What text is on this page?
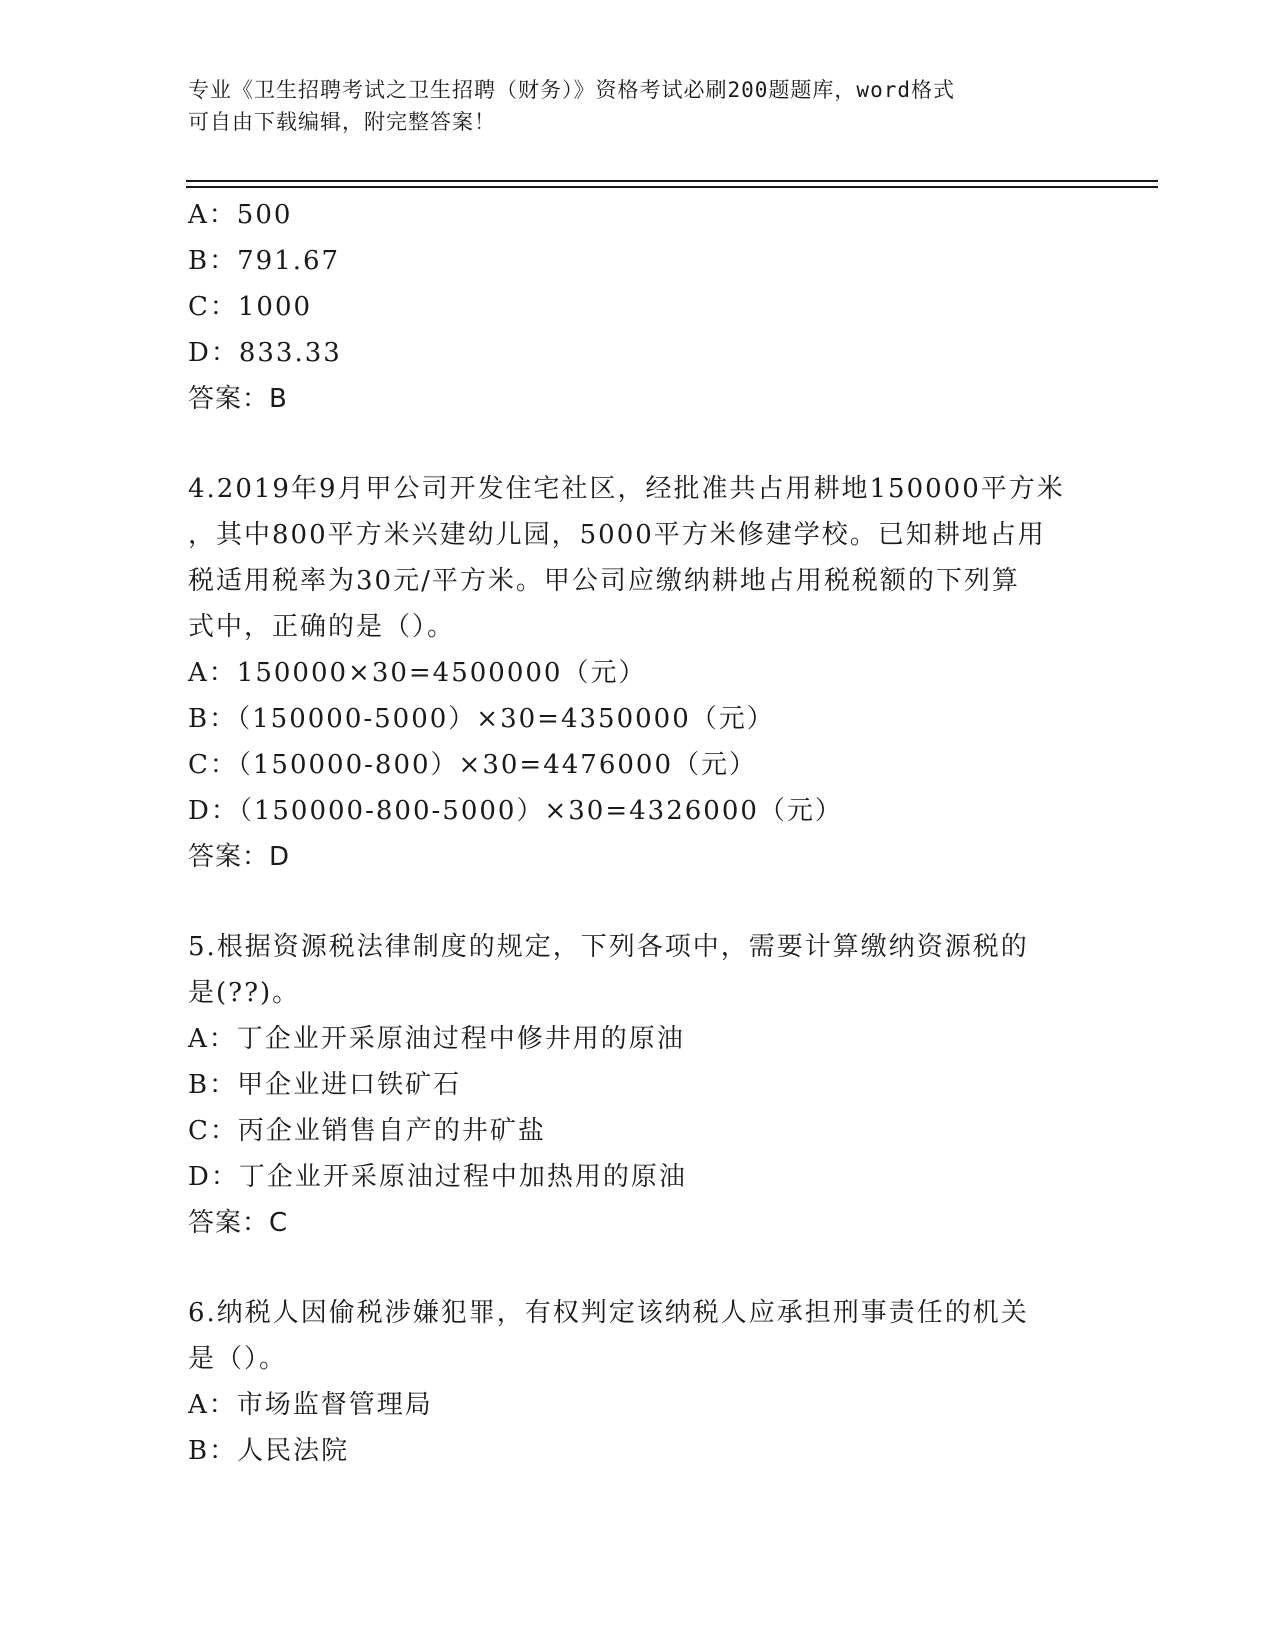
专业《卫生招聘考试之卫生招聘（财务）》资格考试必刷200题题库，word格式
可自由下载编辑，附完整答案！
A：500
B：791.67
C：1000
D：833.33
答案：B
4.2019年9月甲公司开发住宅社区，经批准共占用耕地150000平方米
，其中800平方米兴建幼儿园，5000平方米修建学校。已知耕地占用
税适用税率为30元/平方米。甲公司应缴纳耕地占用税税额的下列算
式中，正确的是（）。
A：150000×30=4500000（元）
B：（150000-5000）×30=4350000（元）
C：（150000-800）×30=4476000（元）
D：（150000-800-5000）×30=4326000（元）
答案：D
5.根据资源税法律制度的规定，下列各项中，需要计算缴纳资源税的
是(??)。
A：丁企业开采原油过程中修井用的原油
B：甲企业进口铁矿石
C：丙企业销售自产的井矿盐
D：丁企业开采原油过程中加热用的原油
答案：C
6.纳税人因偷税涉嫌犯罪，有权判定该纳税人应承担刑事责任的机关
是（）。
A：市场监督管理局
B：人民法院
